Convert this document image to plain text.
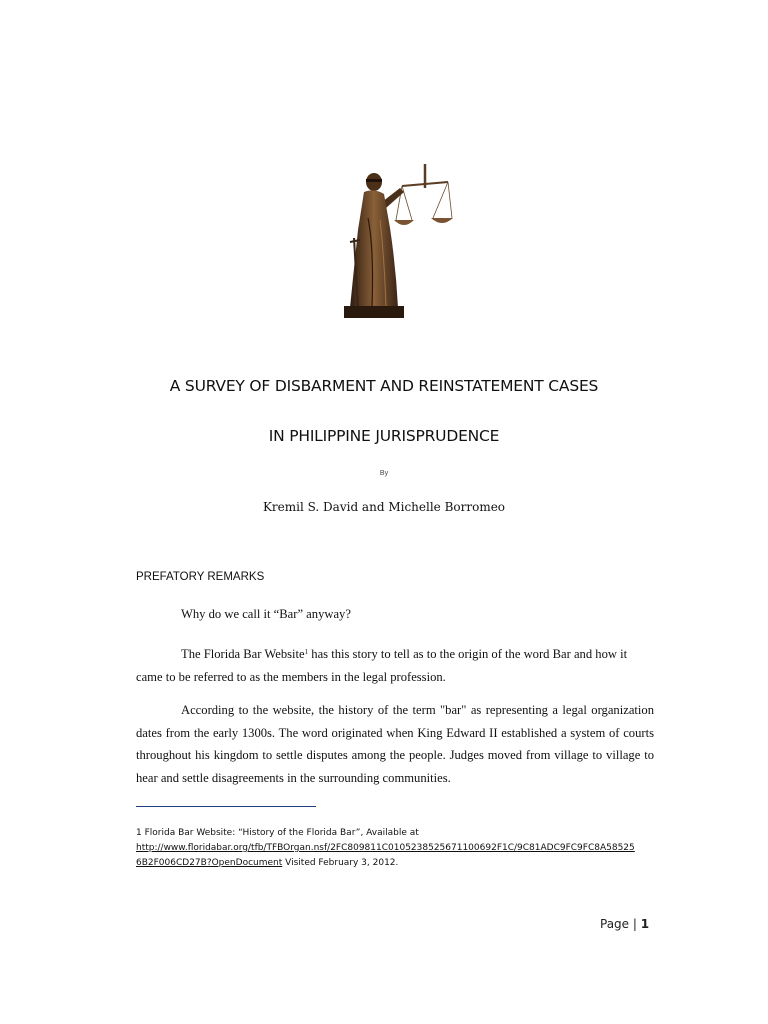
A SURVEY OF DISBARMENT AND REINSTATEMENT CASES
IN PHILIPPINE JURISPRUDENCE
By
Kremil S. David and Michelle Borromeo
PREFATORY REMARKS
Why do we call it “Bar” anyway?
The Florida Bar Website$^1$ has this story to tell as to the origin of the word Bar and how it came to be referred to as the members in the legal profession.
According to the website, the history of the term "bar" as representing a legal organization dates from the early 1300s. The word originated when King Edward II established a system of courts throughout his kingdom to settle disputes among the people. Judges moved from village to village to hear and settle disagreements in the surrounding communities.
1 Florida Bar Website: “History of the Florida Bar”, Available at
http://www.floridabar.org/tfb/TFBOrgan.nsf/2FC809811C0105238525671100692F1C/9C81ADC9FC9FC8A58525 6B2F006CD27B?OpenDocument Visited February 3, 2012.
Page | 1
